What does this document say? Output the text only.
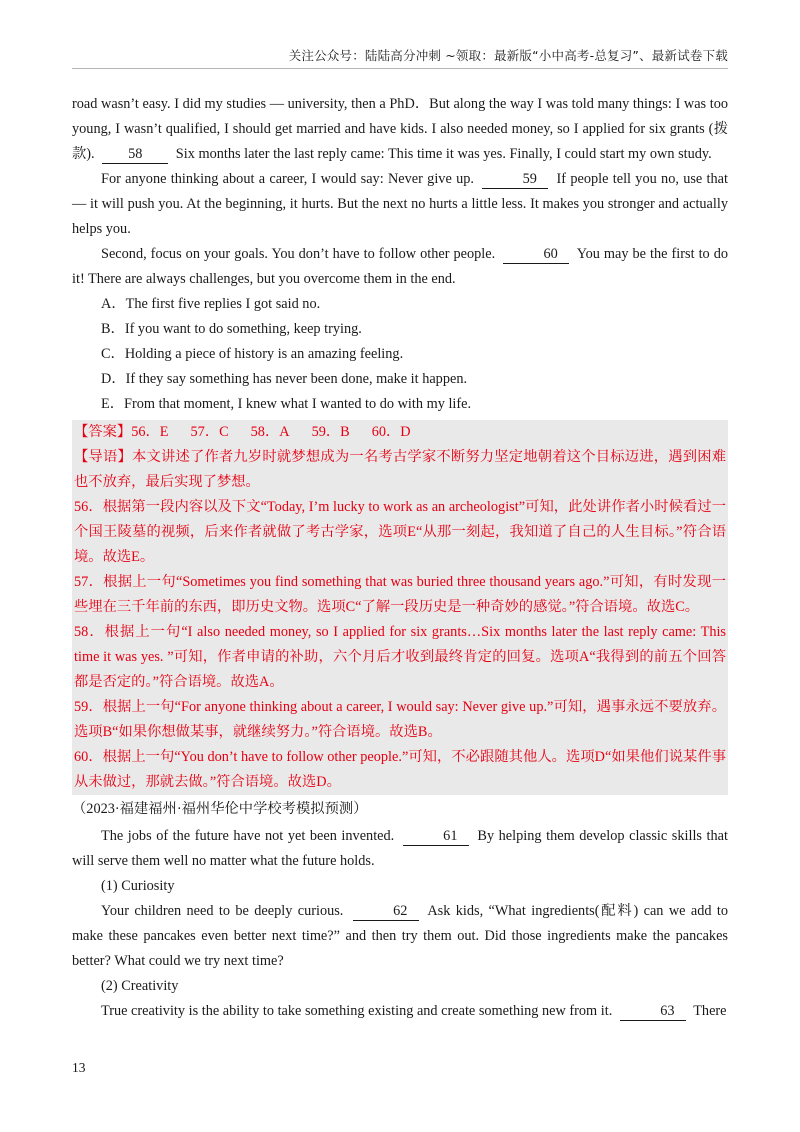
关注公众号：陆陆高分冲刺 ~领取：最新版“小中高考-总复习”、最新试卷下载

road wasn’t easy. I did my studies — university, then a PhD．But along the way I was told many things: I was too young, I wasn’t qualified, I should get married and have kids. I also needed money, so I applied for six grants (拨款). 58 Six months later the last reply came: This time it was yes. Finally, I could start my own study.

For anyone thinking about a career, I would say: Never give up.	59 If people tell you no, use that — it will push you. At the beginning, it hurts. But the next no hurts a little less. It makes you stronger and actually helps you.

Second, focus on your goals. You don’t have to follow other people.	60 You may be the first to do it! There are always challenges, but you overcome them in the end.

A．The first five replies I got said no.

B．If you want to do something, keep trying.

C．Holding a piece of history is an amazing feeling.

D．If they say something has never been done, make it happen.

E．From that moment, I knew what I wanted to do with my life.

【答案】56．E 57．C 58．A 59．B 60．D

【导语】本文讲述了作者九岁时就梦想成为一名考古学家不断努力坚定地朝着这个目标迈进，遇到困难也不放弃，最后实现了梦想。

56．根据第一段内容以及下文“Today, I’m lucky to work as an archeologist”可知，此处讲作者小时候看过一个国王陵墓的视频，后来作者就做了考古学家，选项E“从那一刻起，我知道了自己的人生目标。”符合语境。故选E。

57．根据上一句“Sometimes you find something that was buried three thousand years ago.”可知，有时发现一些埋在三千年前的东西，即历史文物。选项C“了解一段历史是一种奇妙的感觉。”符合语境。故选C。

58．根据上一句“I also needed money, so I applied for six grants…Six months later the last reply came: This time it was yes. ”可知，作者申请的补助，六个月后才收到最终肯定的回复。选项A“我得到的前五个回答都是否定的。”符合语境。故选A。

59．根据上一句“For anyone thinking about a career, I would say: Never give up.”可知，遇事永远不要放弃。选项B“如果你想做某事，就继续努力。”符合语境。故选B。

60．根据上一句“You don’t have to follow other people.”可知，不必跟随其他人。选项D“如果他们说某件事从未做过，那就去做。”符合语境。故选D。

（2023·福建福州·福州华伦中学校考模拟预测）

The jobs of the future have not yet been invented.	61 By helping them develop classic skills that will serve them well no matter what the future holds.

(1) Curiosity

Your children need to be deeply curious.	62 Ask kids, “What ingredients(配料) can we add to make these pancakes even better next time?” and then try them out. Did those ingredients make the pancakes better? What could we try next time?

(2) Creativity

True creativity is the ability to take something existing and create something new from it.	63 There

13
